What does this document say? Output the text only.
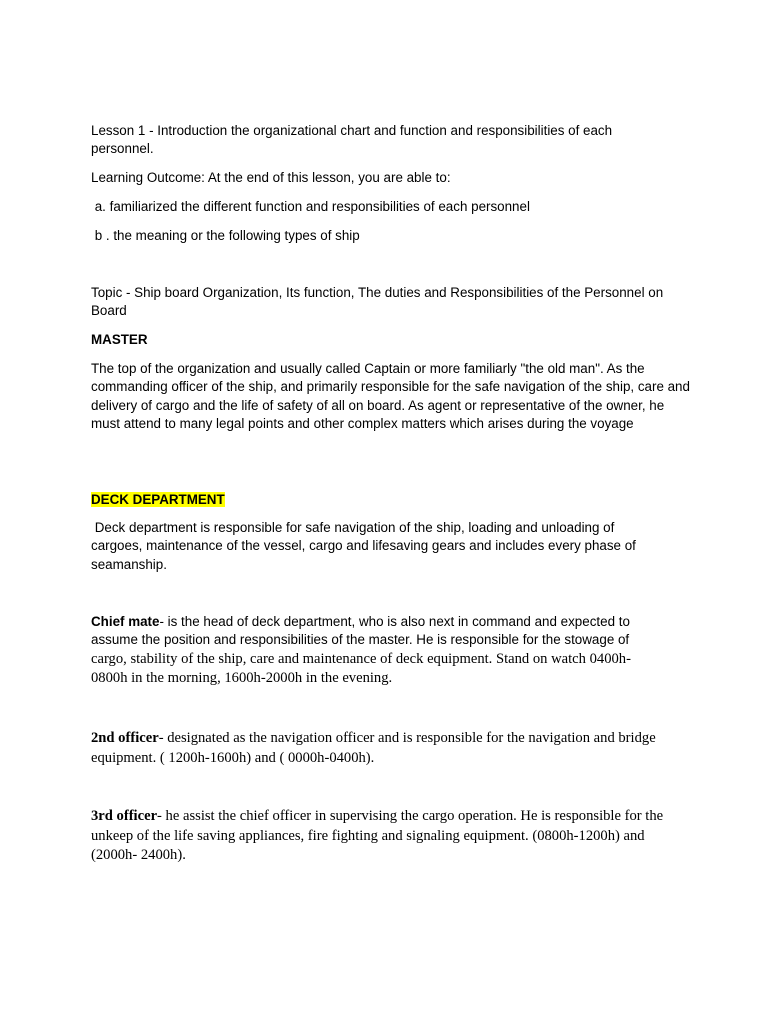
Lesson 1 - Introduction the organizational chart and function and responsibilities of each personnel.

Learning Outcome: At the end of this lesson, you are able to:

a. familiarized the different function and responsibilities of each personnel

b . the meaning or the following types of ship

Topic - Ship board Organization, Its function, The duties and Responsibilities of the Personnel on Board

MASTER

The top of the organization and usually called Captain or more familiarly "the old man". As the commanding officer of the ship, and primarily responsible for the safe navigation of the ship, care and delivery of cargo and the life of safety of all on board. As agent or representative of the owner, he must attend to many legal points and other complex matters which arises during the voyage

DECK DEPARTMENT

Deck department is responsible for safe navigation of the ship, loading and unloading of cargoes, maintenance of the vessel, cargo and lifesaving gears and includes every phase of seamanship.

Chief mate- is the head of deck department, who is also next in command and expected to assume the position and responsibilities of the master. He is responsible for the stowage of cargo, stability of the ship, care and maintenance of deck equipment. Stand on watch 0400h-0800h in the morning, 1600h-2000h in the evening.

2nd officer- designated as the navigation officer and is responsible for the navigation and bridge equipment. ( 1200h-1600h) and ( 0000h-0400h).

3rd officer- he assist the chief officer in supervising the cargo operation. He is responsible for the unkeep of the life saving appliances, fire fighting and signaling equipment. (0800h-1200h) and (2000h- 2400h).
